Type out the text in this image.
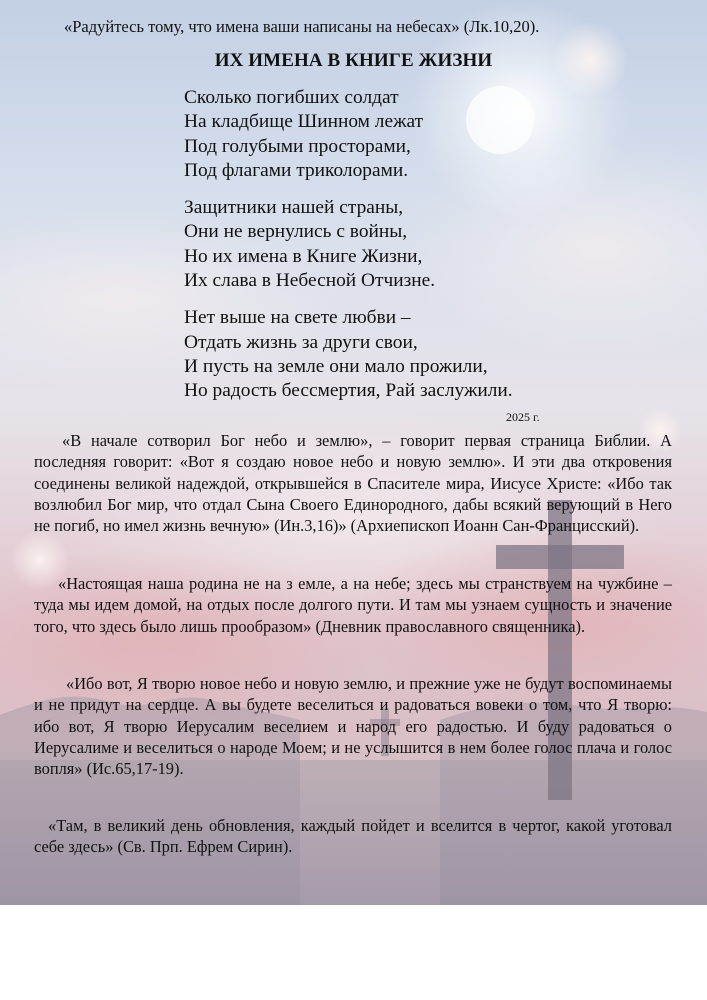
«Радуйтесь тому, что имена ваши написаны на небесах» (Лк.10,20).
ИХ ИМЕНА В КНИГЕ ЖИЗНИ
Сколько погибших солдат
На кладбище Шинном лежат
Под голубыми просторами,
Под флагами триколорами.
Защитники нашей страны,
Они не вернулись с войны,
Но их имена в Книге Жизни,
Их слава в Небесной Отчизне.
Нет выше на свете любви –
Отдать жизнь за други свои,
И пусть на земле они мало прожили,
Но радость бессмертия, Рай заслужили.
2025 г.
«В начале сотворил Бог небо и землю», – говорит первая страница Библии. А последняя говорит: «Вот я создаю новое небо и новую землю». И эти два откровения соединены великой надеждой, открывшейся в Спасителе мира, Иисусе Христе: «Ибо так возлюбил Бог мир, что отдал Сына Своего Единородного, дабы всякий верующий в Него не погиб, но имел жизнь вечную» (Ин.3,16)» (Архиепископ Иоанн Сан-Францисский).
«Настоящая наша родина не на з емле, а на небе; здесь мы странствуем на чужбине – туда мы идем домой, на отдых после долгого пути. И там мы узнаем сущность и значение того, что здесь было лишь прообразом» (Дневник православного священника).
«Ибо вот, Я творю новое небо и новую землю, и прежние уже не будут воспоминаемы и не придут на сердце. А вы будете веселиться и радоваться вовеки о том, что Я творю: ибо вот, Я творю Иерусалим веселием и народ его радостью. И буду радоваться о Иерусалиме и веселиться о народе Моем; и не услышится в нем более голос плача и голос вопля» (Ис.65,17-19).
«Там, в великий день обновления, каждый пойдет и вселится в чертог, какой уготовал себе здесь» (Св. Прп. Ефрем Сирин).
